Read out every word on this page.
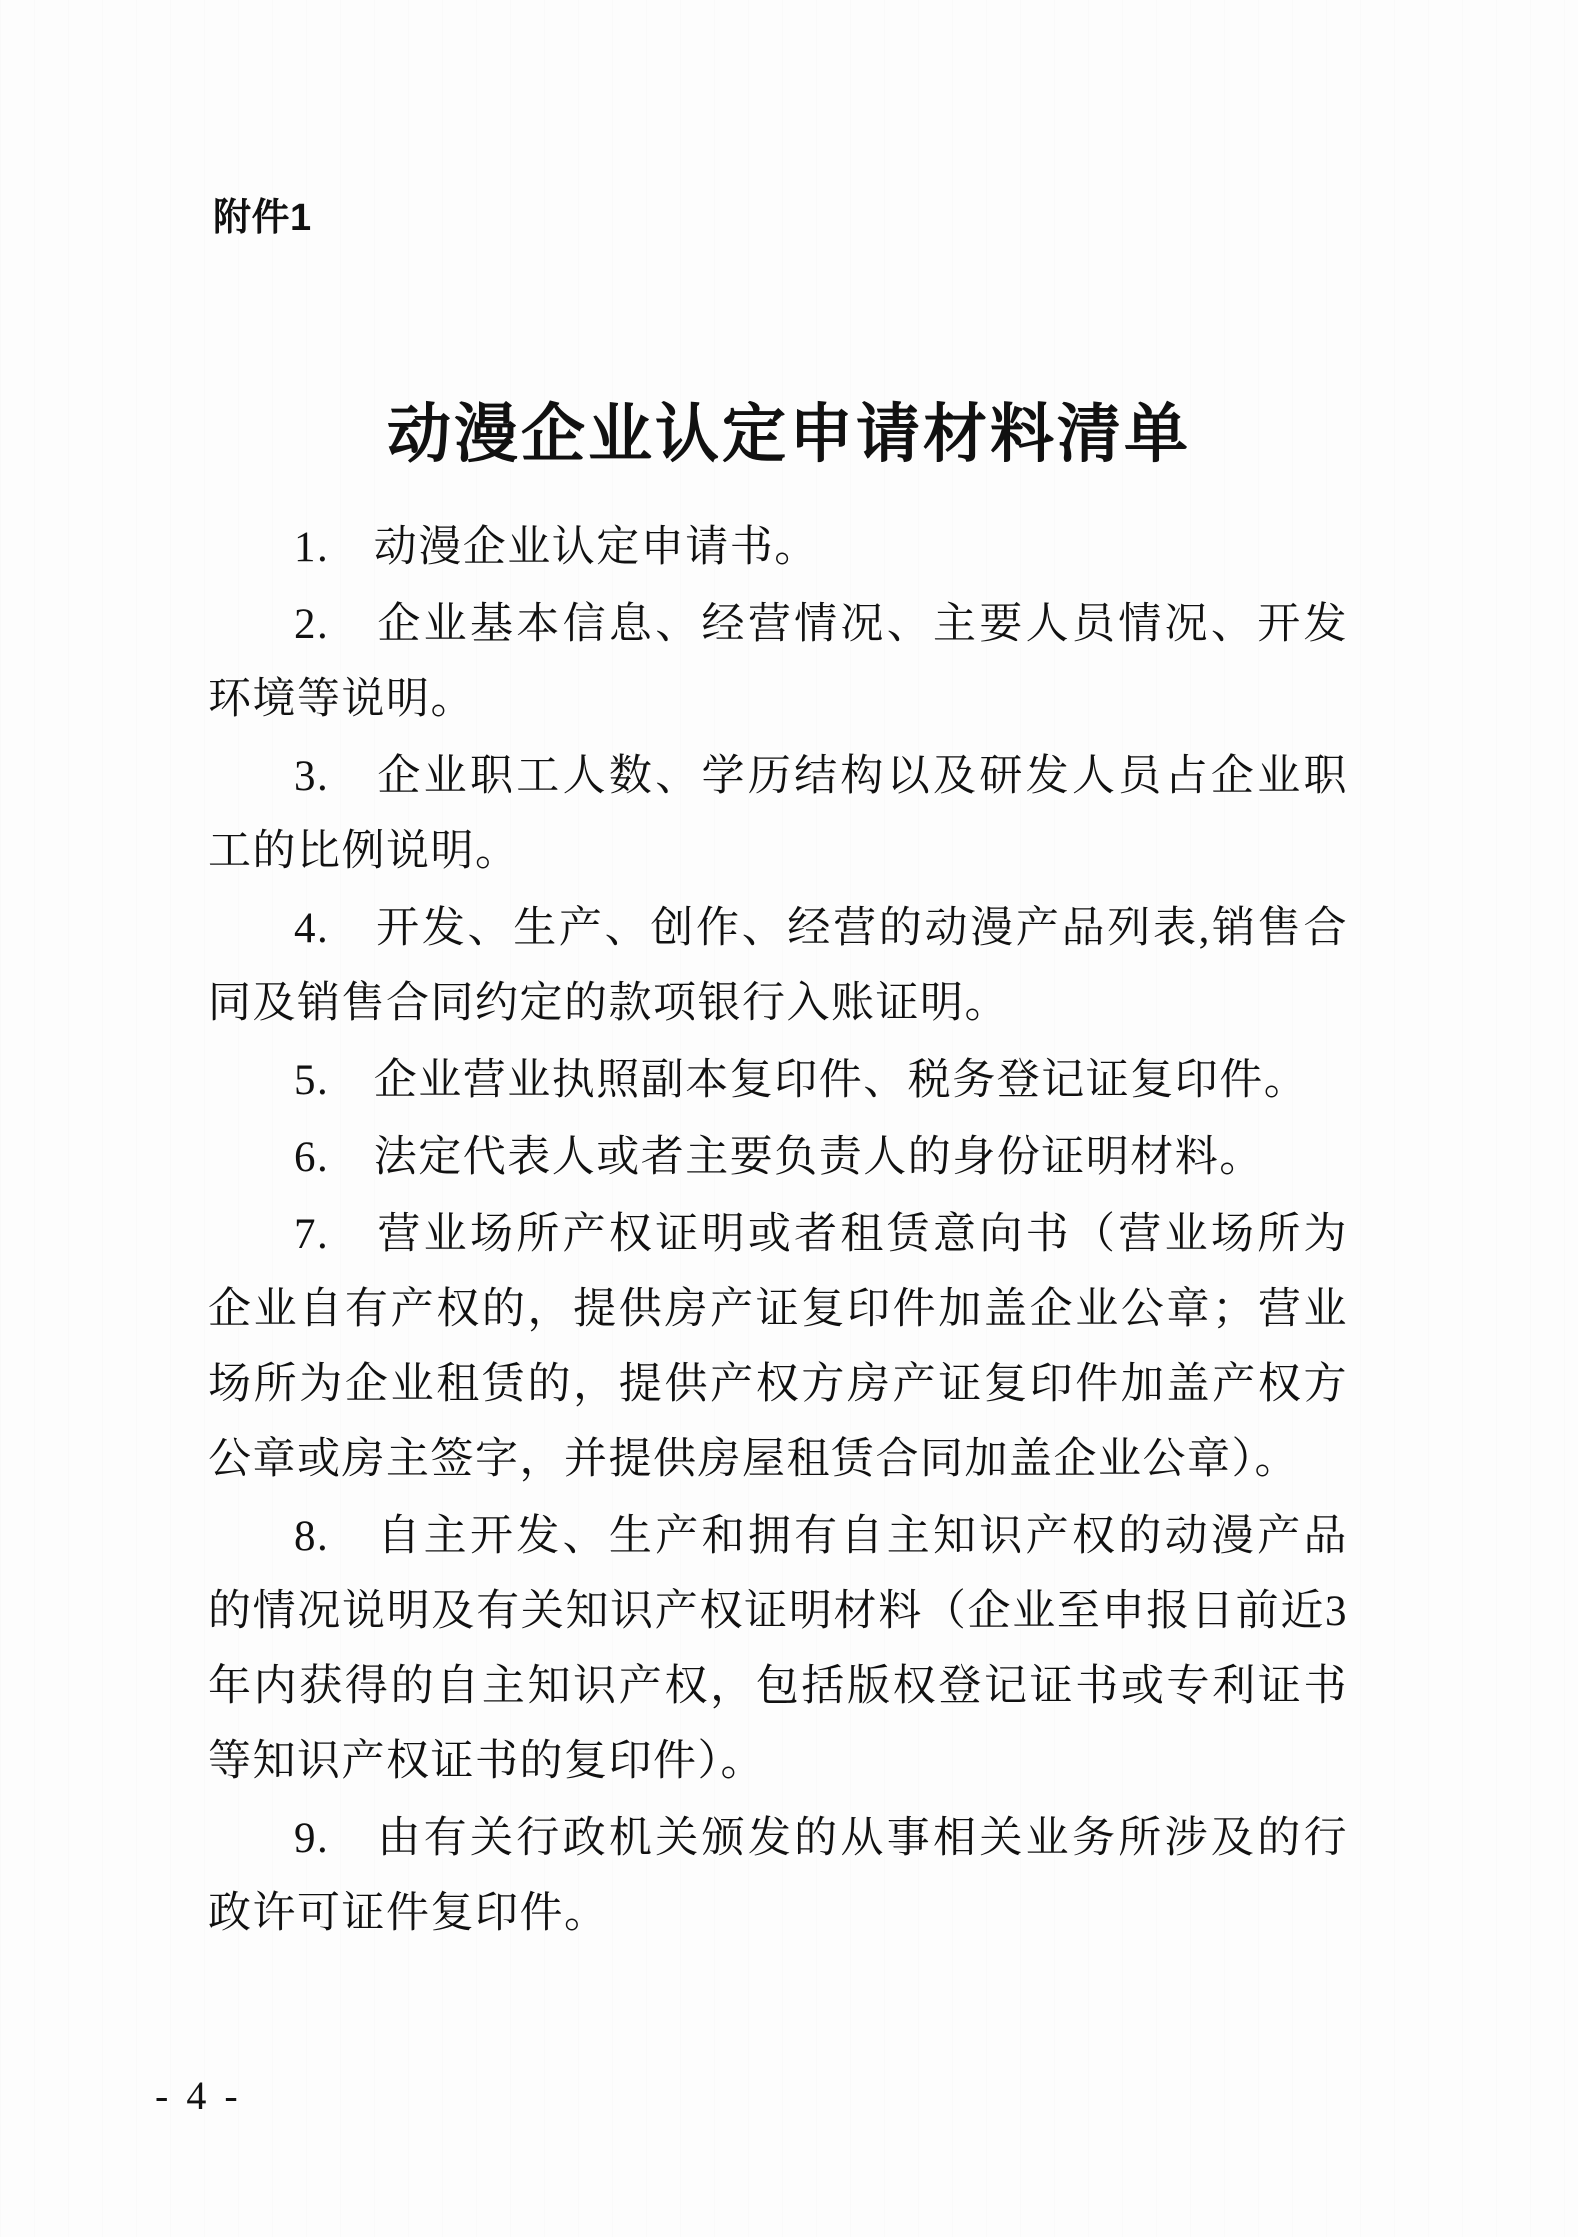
附件1
动漫企业认定申请材料清单

1.　动漫企业认定申请书。

2.　企业基本信息、经营情况、主要人员情况、开发环境等说明。

3.　企业职工人数、学历结构以及研发人员占企业职工的比例说明。

4.　开发、生产、创作、经营的动漫产品列表,销售合同及销售合同约定的款项银行入账证明。

5.　企业营业执照副本复印件、税务登记证复印件。

6.　法定代表人或者主要负责人的身份证明材料。

7.　营业场所产权证明或者租赁意向书（营业场所为企业自有产权的，提供房产证复印件加盖企业公章；营业场所为企业租赁的，提供产权方房产证复印件加盖产权方公章或房主签字，并提供房屋租赁合同加盖企业公章）。

8.　自主开发、生产和拥有自主知识产权的动漫产品的情况说明及有关知识产权证明材料（企业至申报日前近3年内获得的自主知识产权，包括版权登记证书或专利证书等知识产权证书的复印件）。

9.　由有关行政机关颁发的从事相关业务所涉及的行政许可证件复印件。

- 4 -
